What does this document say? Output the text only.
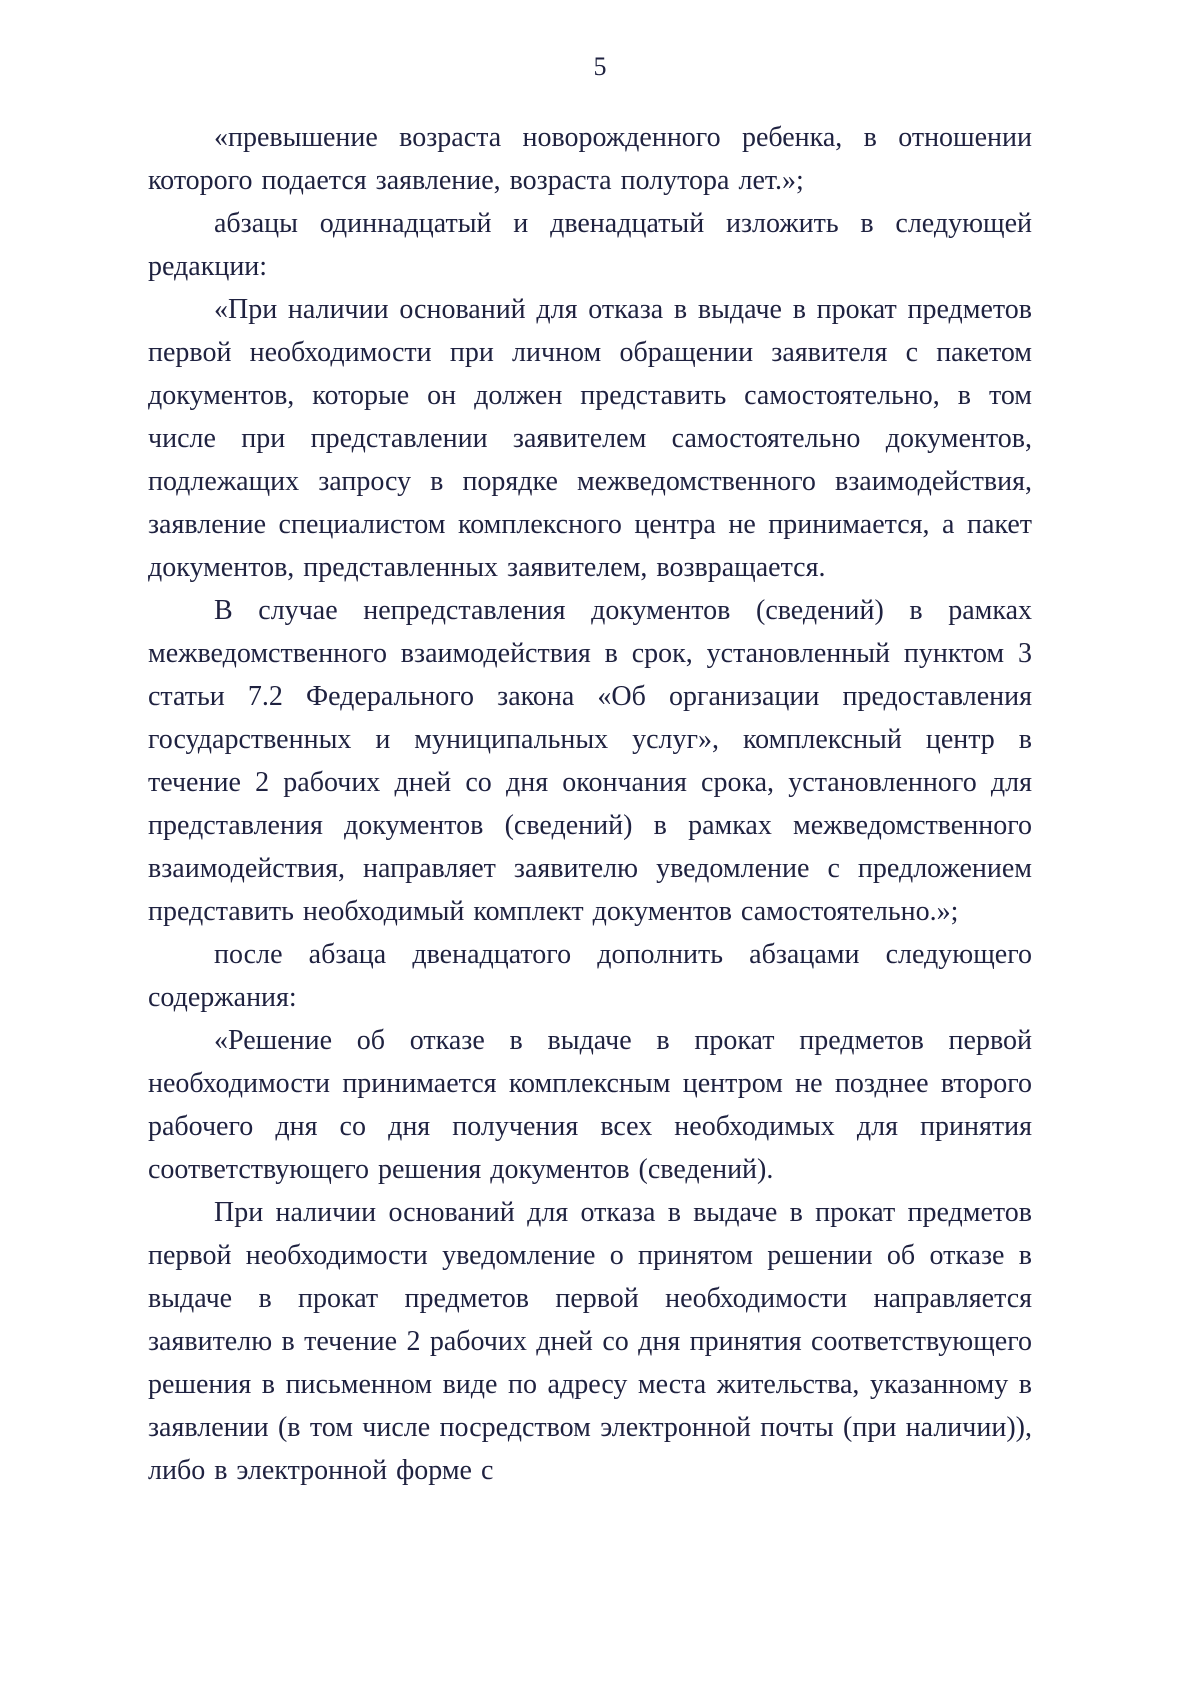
5

«превышение возраста новорожденного ребенка, в отношении которого подается заявление, возраста полутора лет.»;

абзацы одиннадцатый и двенадцатый изложить в следующей редакции:

«При наличии оснований для отказа в выдаче в прокат предметов первой необходимости при личном обращении заявителя с пакетом документов, которые он должен представить самостоятельно, в том числе при представлении заявителем самостоятельно документов, подлежащих запросу в порядке межведомственного взаимодействия, заявление специалистом комплексного центра не принимается, а пакет документов, представленных заявителем, возвращается.

В случае непредставления документов (сведений) в рамках межведомственного взаимодействия в срок, установленный пунктом 3 статьи 7.2 Федерального закона «Об организации предоставления государственных и муниципальных услуг», комплексный центр в течение 2 рабочих дней со дня окончания срока, установленного для представления документов (сведений) в рамках межведомственного взаимодействия, направляет заявителю уведомление с предложением представить необходимый комплект документов самостоятельно.»;

после абзаца двенадцатого дополнить абзацами следующего содержания:

«Решение об отказе в выдаче в прокат предметов первой необходимости принимается комплексным центром не позднее второго рабочего дня со дня получения всех необходимых для принятия соответствующего решения документов (сведений).

При наличии оснований для отказа в выдаче в прокат предметов первой необходимости уведомление о принятом решении об отказе в выдаче в прокат предметов первой необходимости направляется заявителю в течение 2 рабочих дней со дня принятия соответствующего решения в письменном виде по адресу места жительства, указанному в заявлении (в том числе посредством электронной почты (при наличии)), либо в электронной форме с
